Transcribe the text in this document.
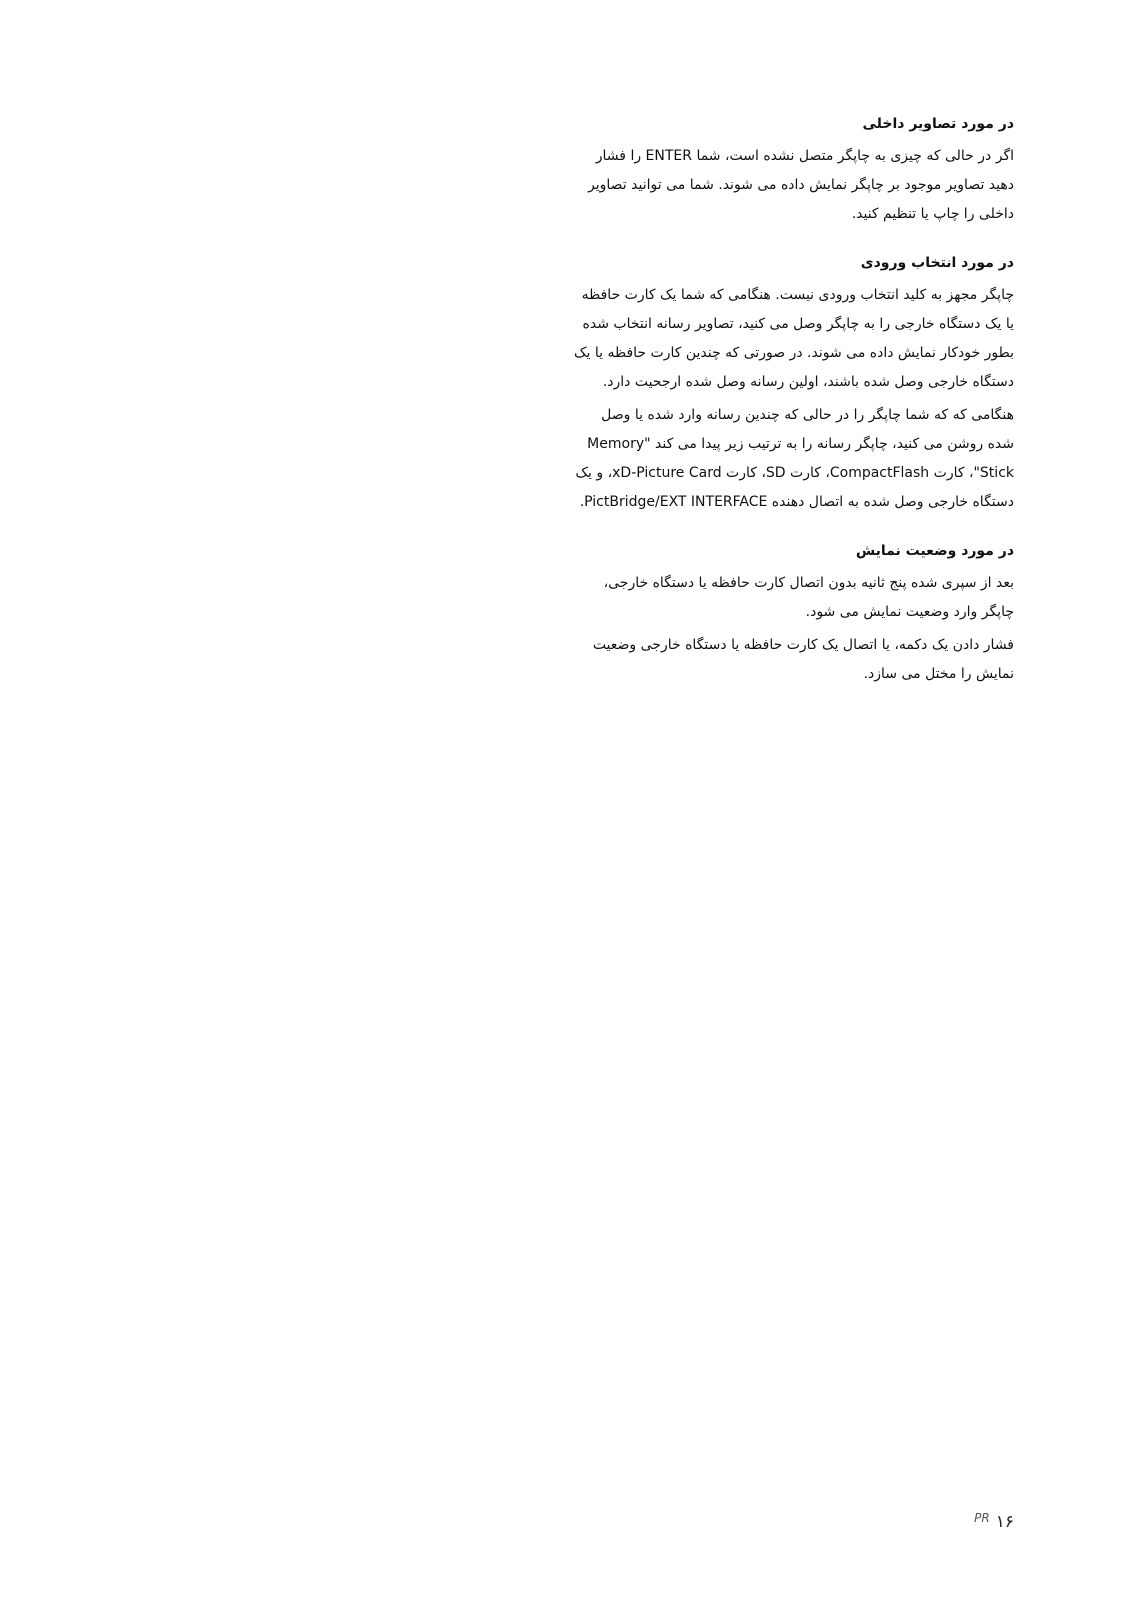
در مورد تصاویر داخلی

اگر در حالی که چیزی به چاپگر متصل نشده است، شما ENTER را فشار دهید تصاویر موجود بر چاپگر نمایش داده می شوند. شما می توانید تصاویر داخلی را چاپ یا تنظیم کنید.

در مورد انتخاب ورودی

چاپگر مجهز به کلید انتخاب ورودی نیست. هنگامی که شما یک کارت حافظه یا یک دستگاه خارجی را به چاپگر وصل می کنید، تصاویر رسانه انتخاب شده بطور خودکار نمایش داده می شوند. در صورتی که چندین کارت حافظه یا یک دستگاه خارجی وصل شده باشند، اولین رسانه وصل شده ارجحیت دارد.

هنگامی که که شما چاپگر را در حالی که چندین رسانه وارد شده یا وصل شده روشن می کنید، چاپگر رسانه را به ترتیب زیر پیدا می کند "Memory Stick"، کارت CompactFlash، کارت SD، کارت xD-Picture Card، و یک دستگاه خارجی وصل شده به اتصال دهنده PictBridge/EXT INTERFACE.

در مورد وضعیت نمایش

بعد از سپری شده پنج ثانیه بدون اتصال کارت حافظه یا دستگاه خارجی، چاپگر وارد وضعیت نمایش می شود.

فشار دادن یک دکمه، یا اتصال یک کارت حافظه یا دستگاه خارجی وضعیت نمایش را مختل می سازد.

۱۶
PR
